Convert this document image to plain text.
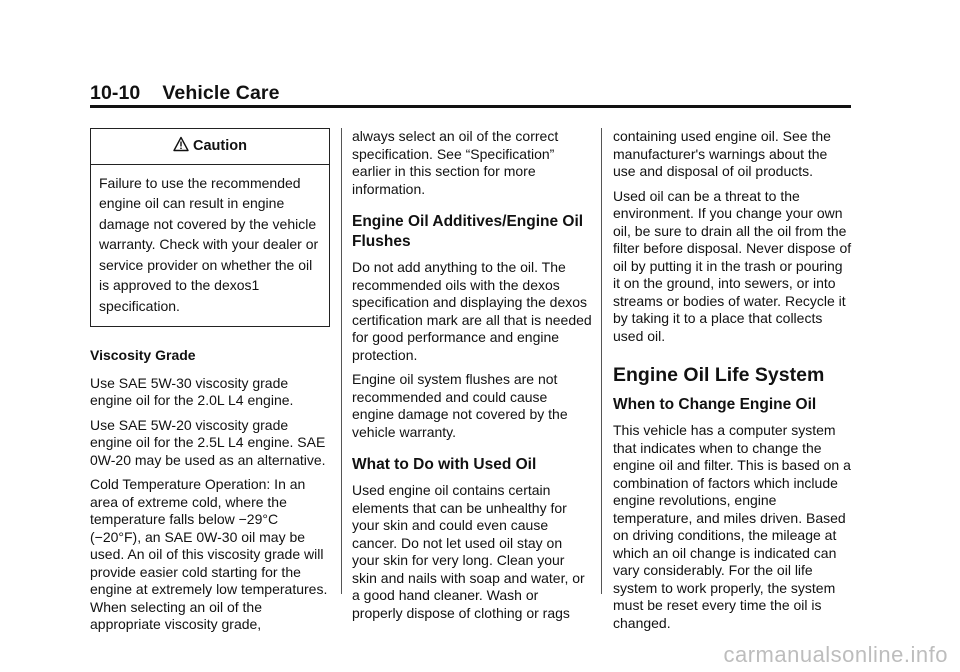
10-10 Vehicle Care
Caution
Failure to use the recommended engine oil can result in engine damage not covered by the vehicle warranty. Check with your dealer or service provider on whether the oil is approved to the dexos1 specification.
Viscosity Grade

Use SAE 5W-30 viscosity grade engine oil for the 2.0L L4 engine.

Use SAE 5W-20 viscosity grade engine oil for the 2.5L L4 engine. SAE 0W-20 may be used as an alternative.

Cold Temperature Operation: In an area of extreme cold, where the temperature falls below −29°C (−20°F), an SAE 0W-30 oil may be used. An oil of this viscosity grade will provide easier cold starting for the engine at extremely low temperatures. When selecting an oil of the appropriate viscosity grade,

always select an oil of the correct specification. See “Specification” earlier in this section for more information.

Engine Oil Additives/Engine Oil Flushes

Do not add anything to the oil. The recommended oils with the dexos specification and displaying the dexos certification mark are all that is needed for good performance and engine protection.

Engine oil system flushes are not recommended and could cause engine damage not covered by the vehicle warranty.

What to Do with Used Oil

Used engine oil contains certain elements that can be unhealthy for your skin and could even cause cancer. Do not let used oil stay on your skin for very long. Clean your skin and nails with soap and water, or a good hand cleaner. Wash or properly dispose of clothing or rags

containing used engine oil. See the manufacturer's warnings about the use and disposal of oil products.

Used oil can be a threat to the environment. If you change your own oil, be sure to drain all the oil from the filter before disposal. Never dispose of oil by putting it in the trash or pouring it on the ground, into sewers, or into streams or bodies of water. Recycle it by taking it to a place that collects used oil.

Engine Oil Life System
When to Change Engine Oil

This vehicle has a computer system that indicates when to change the engine oil and filter. This is based on a combination of factors which include engine revolutions, engine temperature, and miles driven. Based on driving conditions, the mileage at which an oil change is indicated can vary considerably. For the oil life system to work properly, the system must be reset every time the oil is changed.

carmanualsonline.info
